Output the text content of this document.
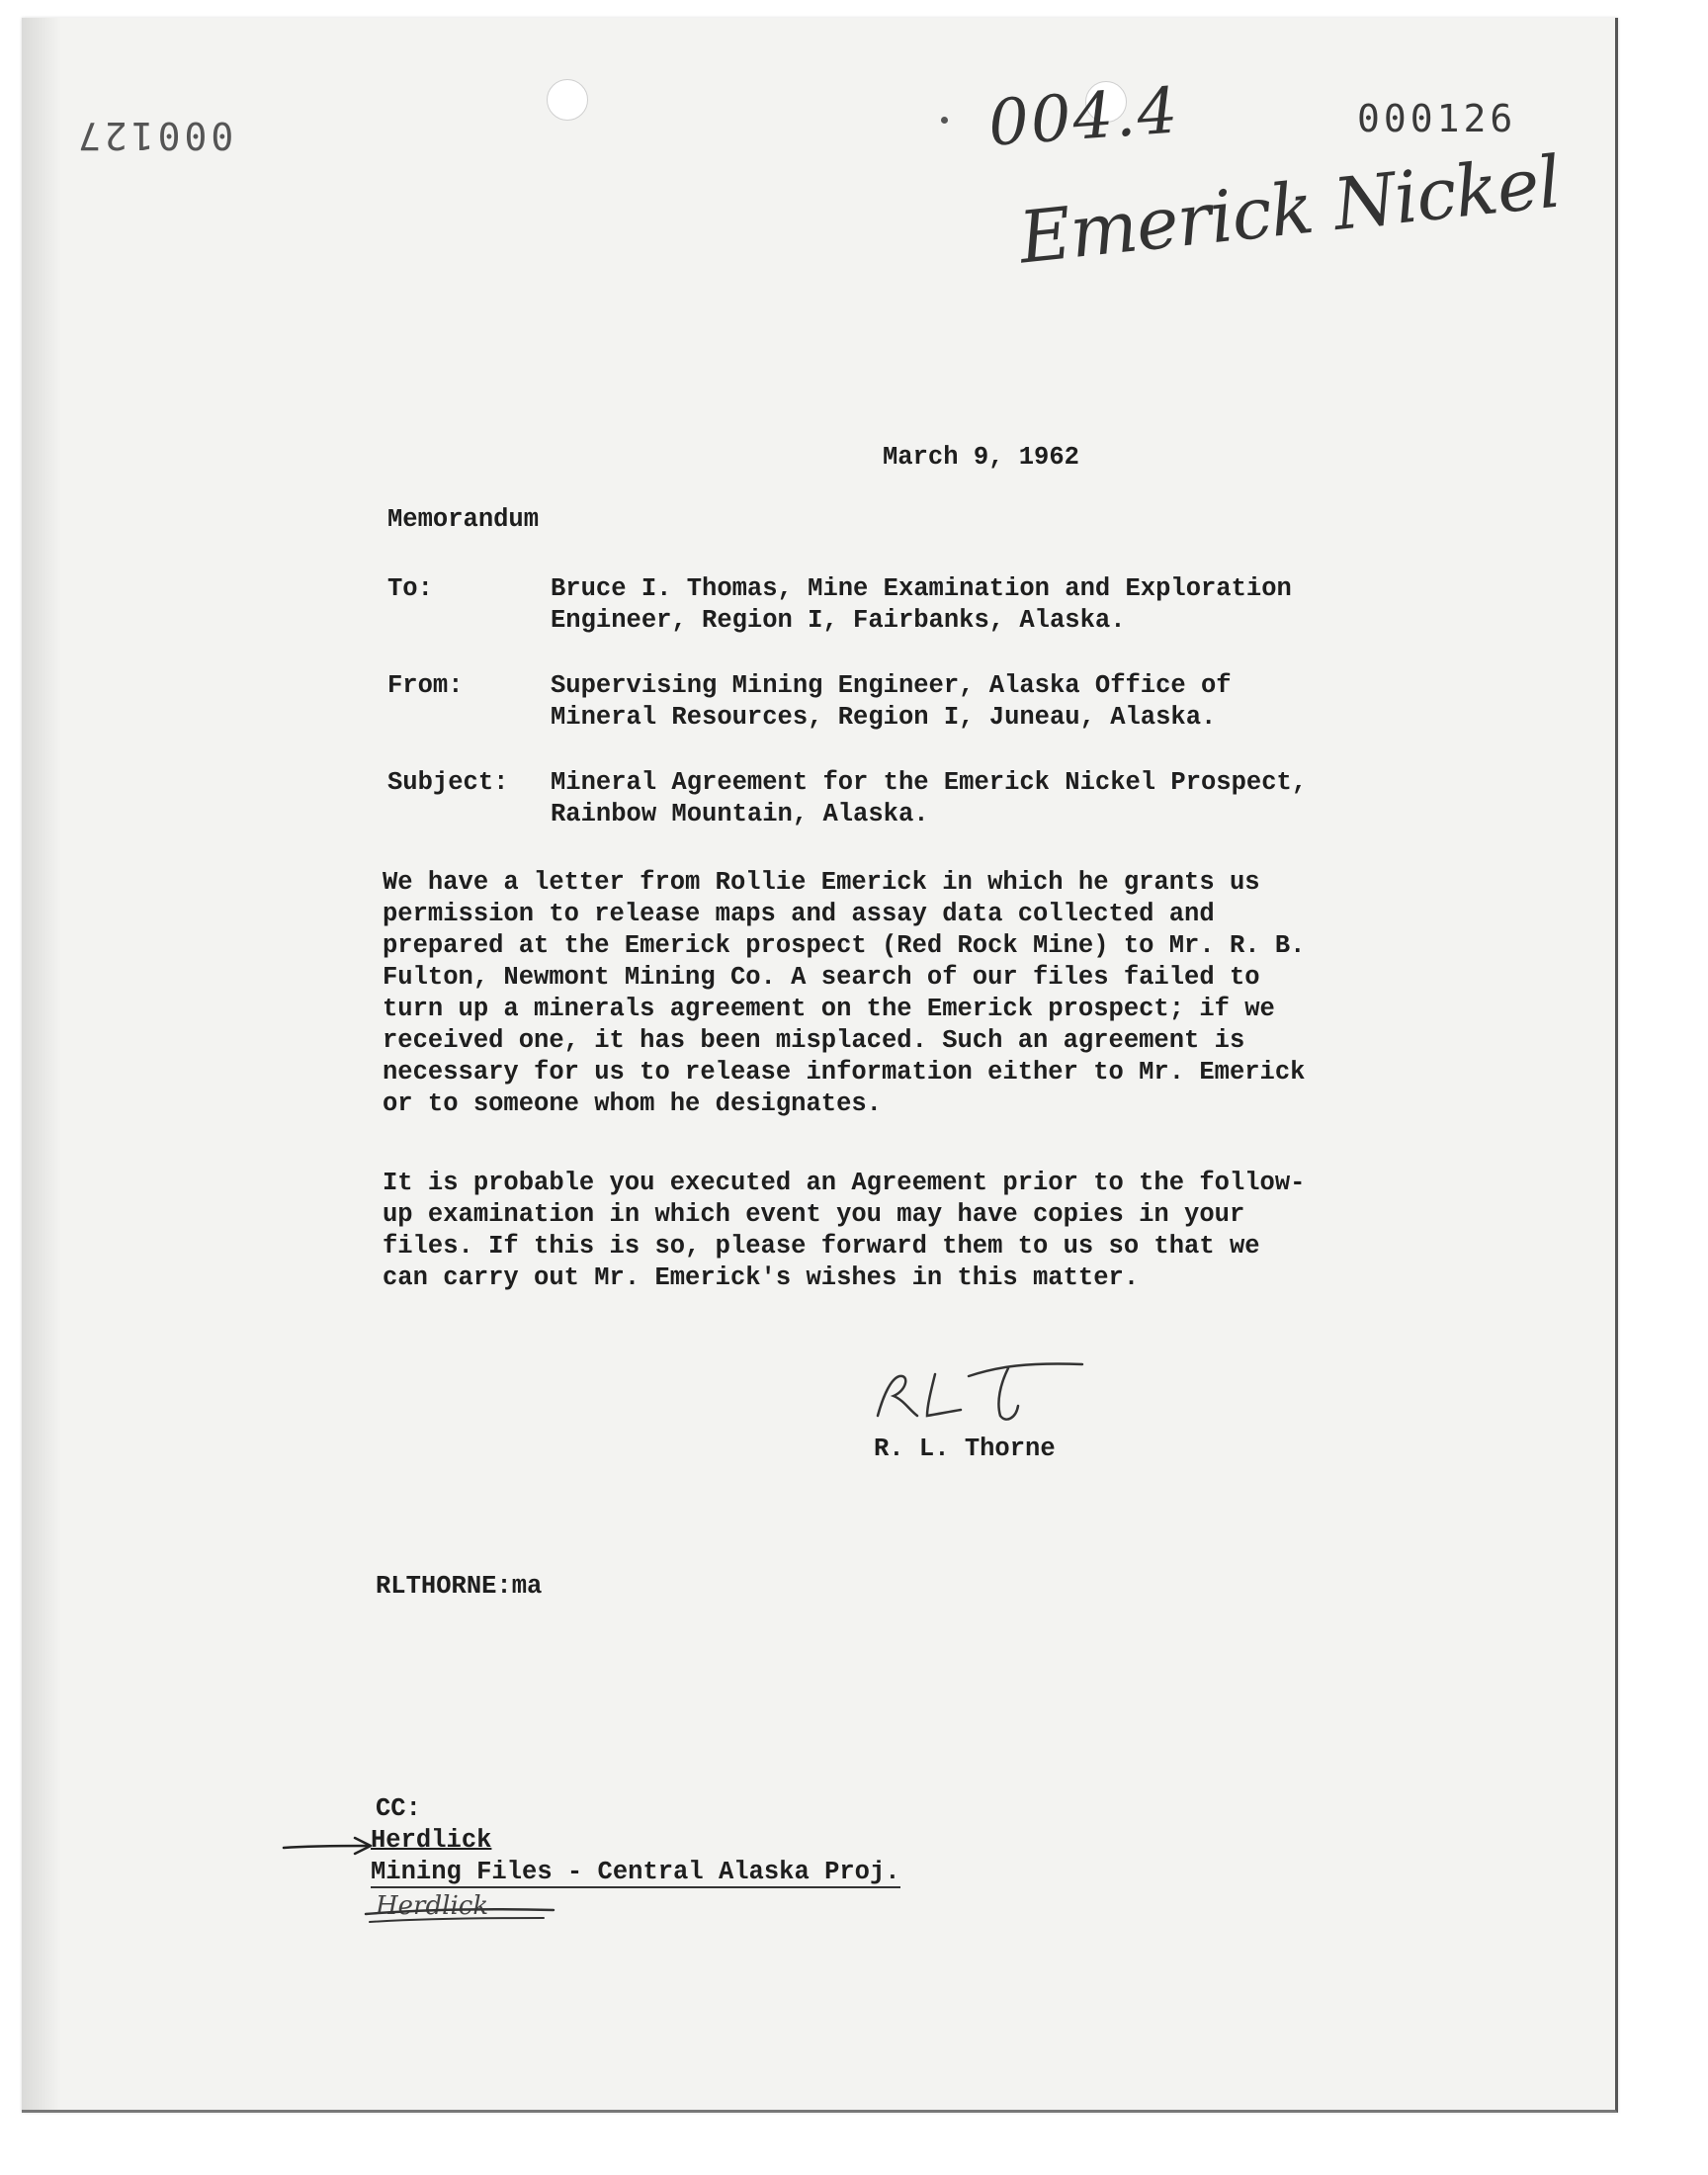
000127	000126
004.4
Emerick Nickel
March 9, 1962
Memorandum
To:	Bruce I. Thomas, Mine Examination and Exploration
Engineer, Region I, Fairbanks, Alaska.
From:	Supervising Mining Engineer, Alaska Office of
Mineral Resources, Region I, Juneau, Alaska.
Subject: Mineral Agreement for the Emerick Nickel Prospect,
Rainbow Mountain, Alaska.
We have a letter from Rollie Emerick in which he grants us
permission to release maps and assay data collected and
prepared at the Emerick prospect (Red Rock Mine) to Mr. R. B.
Fulton, Newmont Mining Co. A search of our files failed to
turn up a minerals agreement on the Emerick prospect; if we
received one, it has been misplaced. Such an agreement is
necessary for us to release information either to Mr. Emerick
or to someone whom he designates.
It is probable you executed an Agreement prior to the follow-
up examination in which event you may have copies in your
files. If this is so, please forward them to us so that we
can carry out Mr. Emerick's wishes in this matter.
R. L. Thorne
RLTHORNE:ma
CC:
Herdlick
Mining Files - Central Alaska Proj.
Herdlick
